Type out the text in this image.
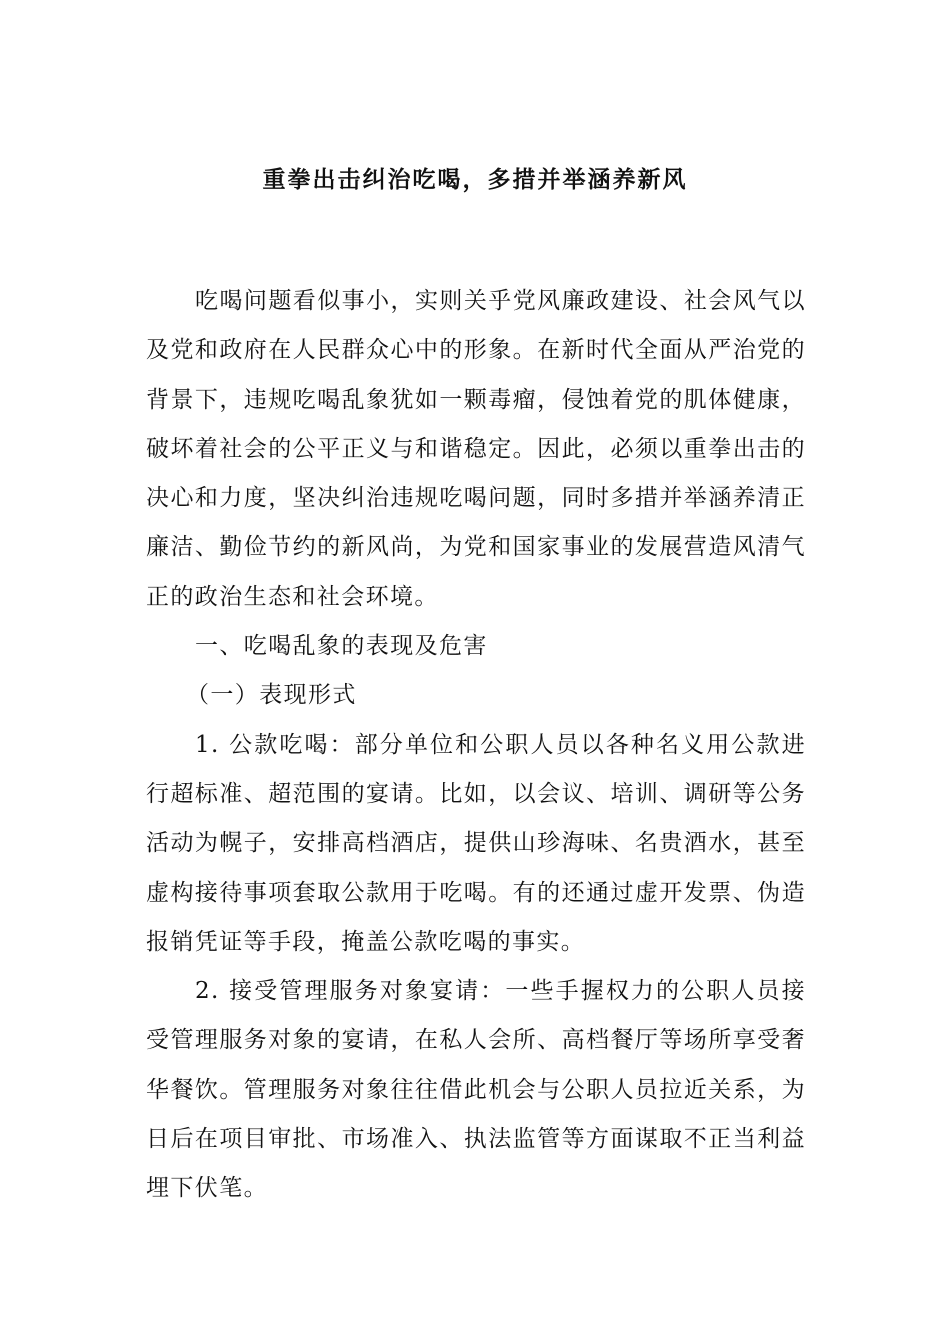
重拳出击纠治吃喝，多措并举涵养新风

吃喝问题看似事小，实则关乎党风廉政建设、社会风气以及党和政府在人民群众心中的形象。在新时代全面从严治党的背景下，违规吃喝乱象犹如一颗毒瘤，侵蚀着党的肌体健康，破坏着社会的公平正义与和谐稳定。因此，必须以重拳出击的决心和力度，坚决纠治违规吃喝问题，同时多措并举涵养清正廉洁、勤俭节约的新风尚，为党和国家事业的发展营造风清气正的政治生态和社会环境。

一、吃喝乱象的表现及危害

（一）表现形式

1. 公款吃喝：部分单位和公职人员以各种名义用公款进行超标准、超范围的宴请。比如，以会议、培训、调研等公务活动为幌子，安排高档酒店，提供山珍海味、名贵酒水，甚至虚构接待事项套取公款用于吃喝。有的还通过虚开发票、伪造报销凭证等手段，掩盖公款吃喝的事实。

2. 接受管理服务对象宴请：一些手握权力的公职人员接受管理服务对象的宴请，在私人会所、高档餐厅等场所享受奢华餐饮。管理服务对象往往借此机会与公职人员拉近关系，为日后在项目审批、市场准入、执法监管等方面谋取不正当利益埋下伏笔。
